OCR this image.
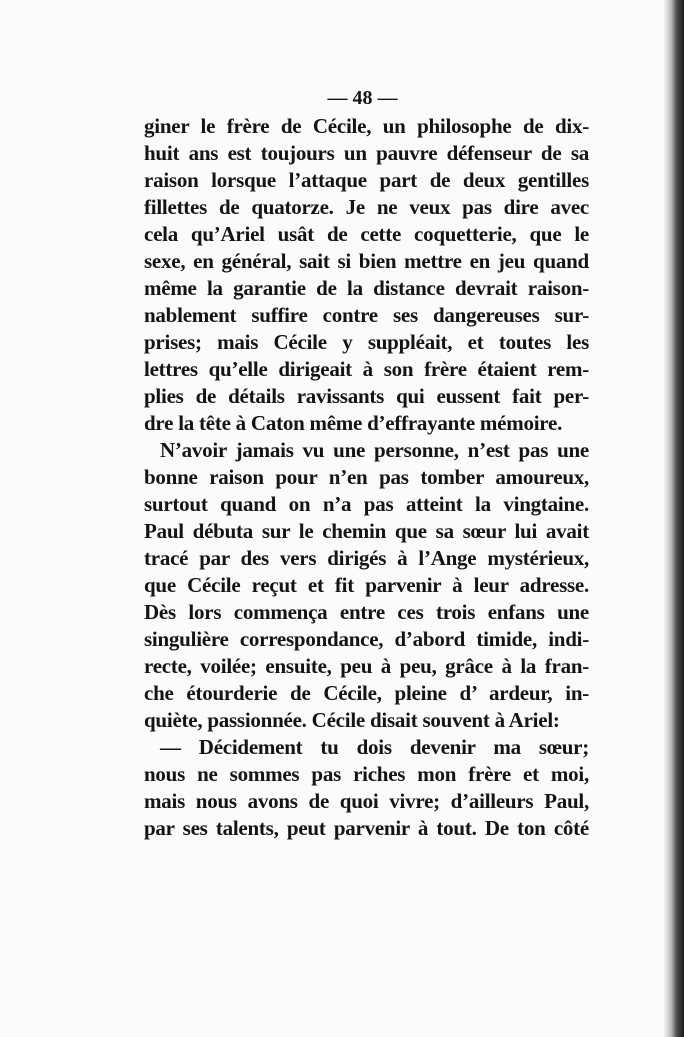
— 48 —
giner le frère de Cécile, un philosophe de dix-
huit ans est toujours un pauvre défenseur de sa
raison lorsque l’attaque part de deux gentilles
fillettes de quatorze. Je ne veux pas dire avec
cela qu’Ariel usât de cette coquetterie, que le
sexe, en général, sait si bien mettre en jeu quand
même la garantie de la distance devrait raison-
nablement suffire contre ses dangereuses sur-
prises; mais Cécile y suppléait, et toutes les
lettres qu’elle dirigeait à son frère étaient rem-
plies de détails ravissants qui eussent fait per-
dre la tête à Caton même d’effrayante mémoire.
N’avoir jamais vu une personne, n’est pas une
bonne raison pour n’en pas tomber amoureux,
surtout quand on n’a pas atteint la vingtaine.
Paul débuta sur le chemin que sa sœur lui avait
tracé par des vers dirigés à l’Ange mystérieux,
que Cécile reçut et fit parvenir à leur adresse.
Dès lors commença entre ces trois enfans une
singulière correspondance, d’abord timide, indi-
recte, voilée; ensuite, peu à peu, grâce à la fran-
che étourderie de Cécile, pleine d’ ardeur, in-
quiète, passionnée. Cécile disait souvent à Ariel:
— Décidement tu dois devenir ma sœur;
nous ne sommes pas riches mon frère et moi,
mais nous avons de quoi vivre; d’ailleurs Paul,
par ses talents, peut parvenir à tout. De ton côté
